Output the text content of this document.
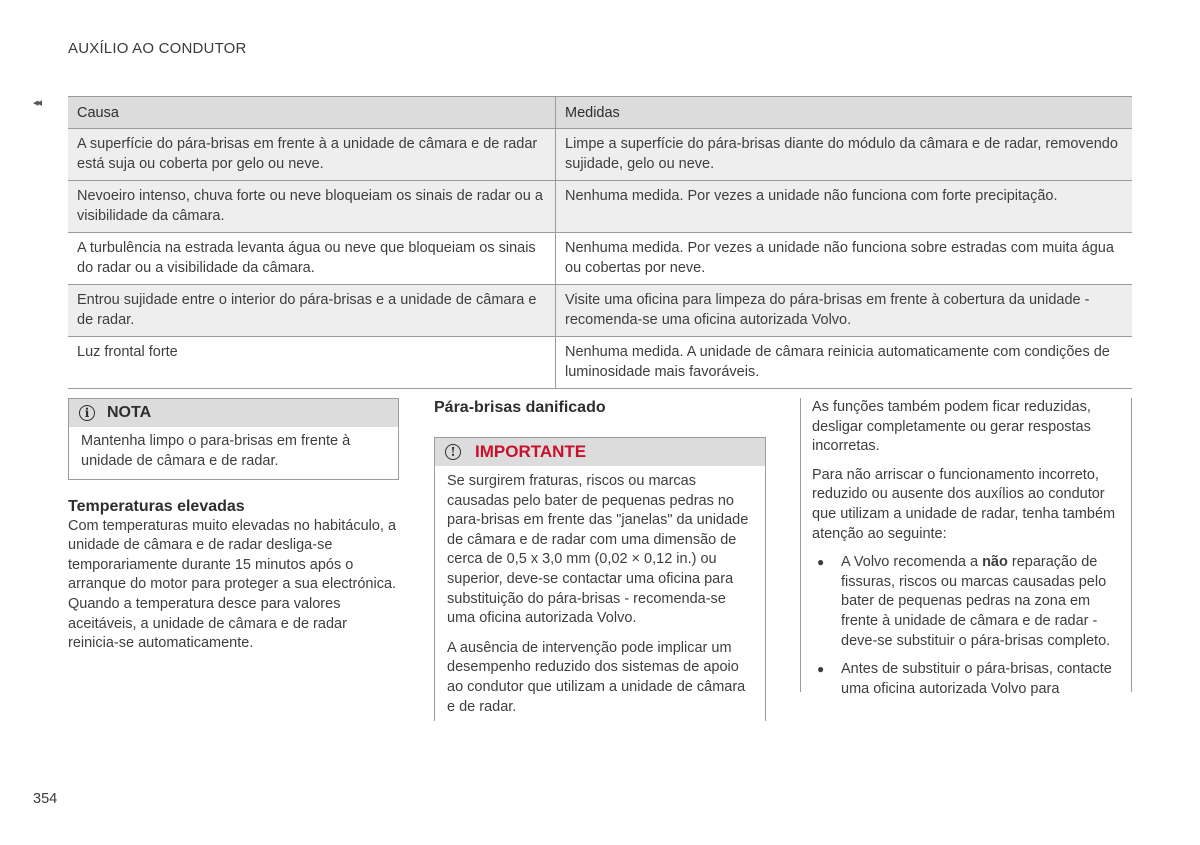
AUXÍLIO AO CONDUTOR
◂◂
Causa	Medidas
A superfície do pára-brisas em frente à a unidade de câmara e de radar está suja ou coberta por gelo ou neve.	Limpe a superfície do pára-brisas diante do módulo da câmara e de radar, removendo sujidade, gelo ou neve.
Nevoeiro intenso, chuva forte ou neve bloqueiam os sinais de radar ou a visibilidade da câmara.	Nenhuma medida. Por vezes a unidade não funciona com forte precipitação.
A turbulência na estrada levanta água ou neve que bloqueiam os sinais do radar ou a visibilidade da câmara.	Nenhuma medida. Por vezes a unidade não funciona sobre estradas com muita água ou cobertas por neve.
Entrou sujidade entre o interior do pára-brisas e a unidade de câmara e de radar.	Visite uma oficina para limpeza do pára-brisas em frente à cobertura da unidade - recomenda-se uma oficina autorizada Volvo.
Luz frontal forte	Nenhuma medida. A unidade de câmara reinicia automaticamente com condições de luminosidade mais favoráveis.
i	NOTA
Mantenha limpo o para-brisas em frente à unidade de câmara e de radar.

Temperaturas elevadas

Com temperaturas muito elevadas no habitáculo, a unidade de câmara e de radar desliga-se temporariamente durante 15 minutos após o arranque do motor para proteger a sua electrónica. Quando a temperatura desce para valores aceitáveis, a unidade de câmara e de radar reinicia-se automaticamente.

Pára-brisas danificado
!	IMPORTANTE

Se surgirem fraturas, riscos ou marcas causadas pelo bater de pequenas pedras no para-brisas em frente das "janelas" da unidade de câmara e de radar com uma dimensão de cerca de 0,5 x 3,0 mm (0,02 × 0,12 in.) ou superior, deve-se contactar uma oficina para substituição do pára-brisas - recomenda-se uma oficina autorizada Volvo.

A ausência de intervenção pode implicar um desempenho reduzido dos sistemas de apoio ao condutor que utilizam a unidade de câmara e de radar.

As funções também podem ficar reduzidas, desligar completamente ou gerar respostas incorretas.

Para não arriscar o funcionamento incorreto, reduzido ou ausente dos auxílios ao condutor que utilizam a unidade de radar, tenha também atenção ao seguinte:

● A Volvo recomenda a não reparação de fissuras, riscos ou marcas causadas pelo bater de pequenas pedras na zona em frente à unidade de câmara e de radar - deve-se substituir o pára-brisas completo.
● Antes de substituir o pára-brisas, contacte uma oficina autorizada Volvo para
354
